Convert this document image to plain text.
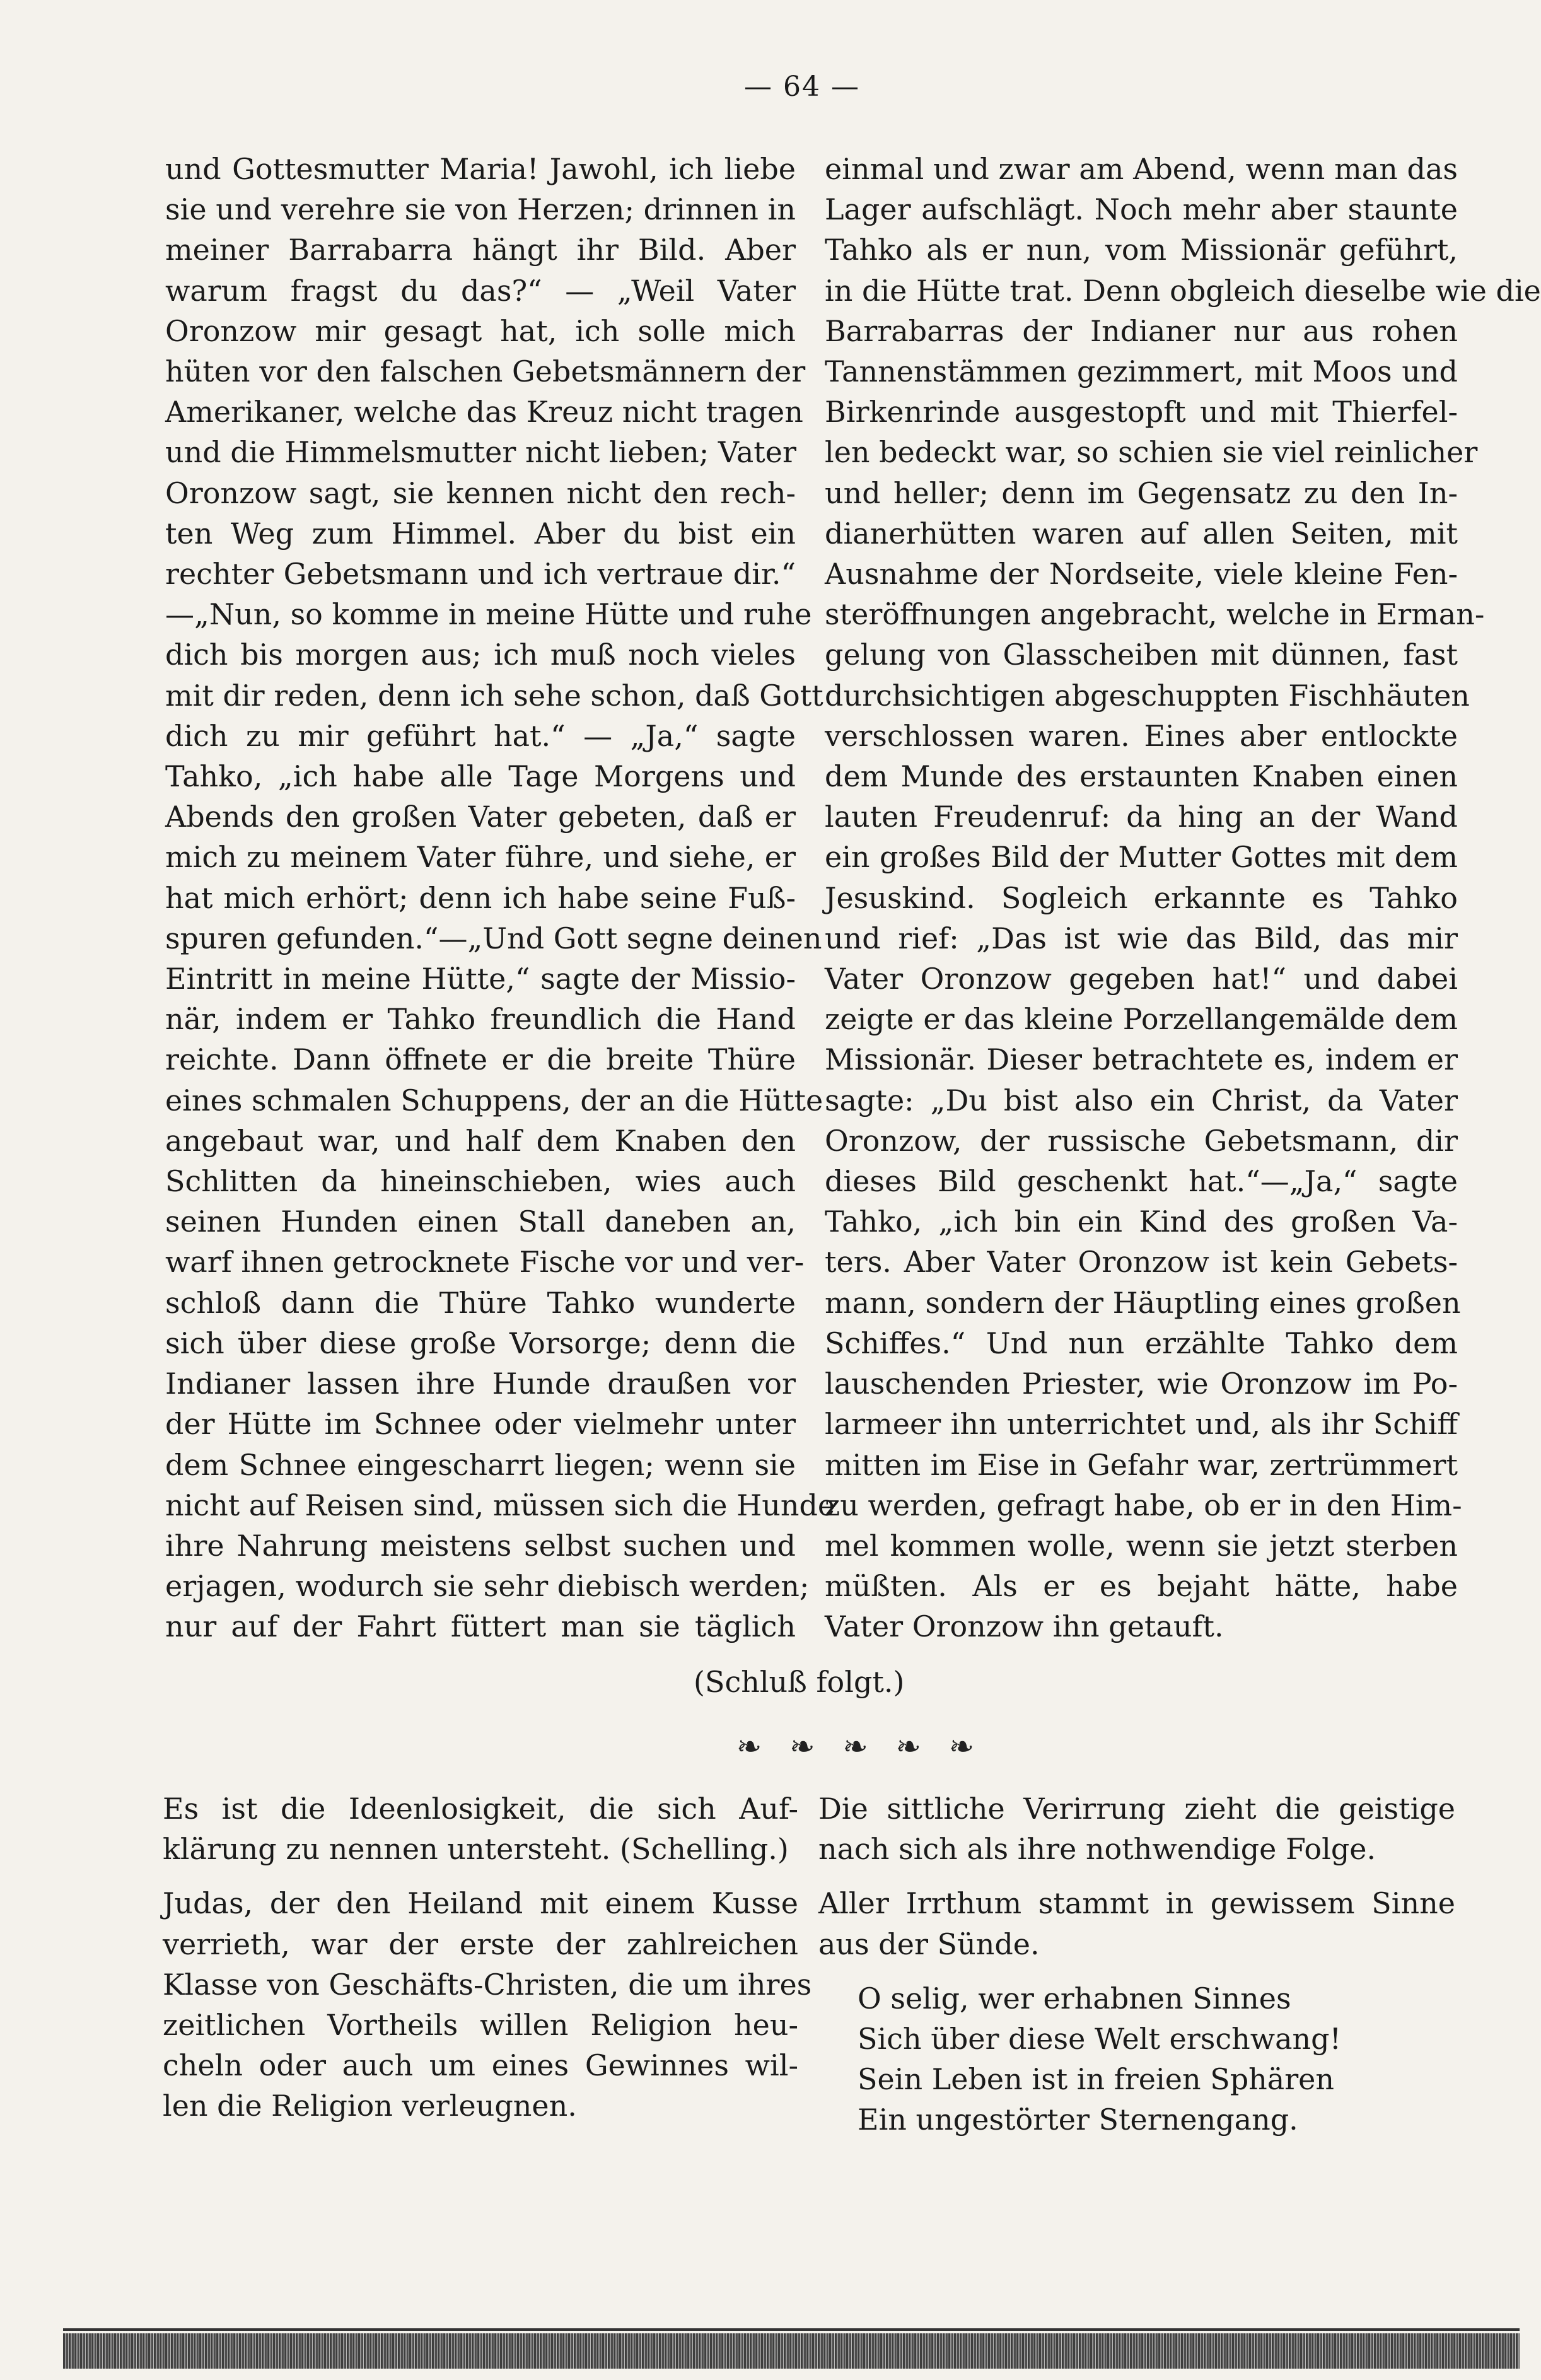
— 64 —
und Gottesmutter Maria! Jawohl, ich liebe
sie und verehre sie von Herzen; drinnen in
meiner Barrabarra hängt ihr Bild. Aber
warum fragst du das?“ — „Weil Vater
Oronzow mir gesagt hat, ich solle mich
hüten vor den falschen Gebetsmännern der
Amerikaner, welche das Kreuz nicht tragen
und die Himmelsmutter nicht lieben; Vater
Oronzow sagt, sie kennen nicht den rech-
ten Weg zum Himmel. Aber du bist ein
rechter Gebetsmann und ich vertraue dir.“
—„Nun, so komme in meine Hütte und ruhe
dich bis morgen aus; ich muß noch vieles
mit dir reden, denn ich sehe schon, daß Gott
dich zu mir geführt hat.“ — „Ja,“ sagte
Tahko, „ich habe alle Tage Morgens und
Abends den großen Vater gebeten, daß er
mich zu meinem Vater führe, und siehe, er
hat mich erhört; denn ich habe seine Fuß-
spuren gefunden.“—„Und Gott segne deinen
Eintritt in meine Hütte,“ sagte der Missio-
när, indem er Tahko freundlich die Hand
reichte. Dann öffnete er die breite Thüre
eines schmalen Schuppens, der an die Hütte
angebaut war, und half dem Knaben den
Schlitten da hineinschieben, wies auch
seinen Hunden einen Stall daneben an,
warf ihnen getrocknete Fische vor und ver-
schloß dann die Thüre Tahko wunderte
sich über diese große Vorsorge; denn die
Indianer lassen ihre Hunde draußen vor
der Hütte im Schnee oder vielmehr unter
dem Schnee eingescharrt liegen; wenn sie
nicht auf Reisen sind, müssen sich die Hunde
ihre Nahrung meistens selbst suchen und
erjagen, wodurch sie sehr diebisch werden;
nur auf der Fahrt füttert man sie täglich
einmal und zwar am Abend, wenn man das
Lager aufschlägt. Noch mehr aber staunte
Tahko als er nun, vom Missionär geführt,
in die Hütte trat. Denn obgleich dieselbe wie die
Barrabarras der Indianer nur aus rohen
Tannenstämmen gezimmert, mit Moos und
Birkenrinde ausgestopft und mit Thierfel-
len bedeckt war, so schien sie viel reinlicher
und heller; denn im Gegensatz zu den In-
dianerhütten waren auf allen Seiten, mit
Ausnahme der Nordseite, viele kleine Fen-
steröffnungen angebracht, welche in Erman-
gelung von Glasscheiben mit dünnen, fast
durchsichtigen abgeschuppten Fischhäuten
verschlossen waren. Eines aber entlockte
dem Munde des erstaunten Knaben einen
lauten Freudenruf: da hing an der Wand
ein großes Bild der Mutter Gottes mit dem
Jesuskind. Sogleich erkannte es Tahko
und rief: „Das ist wie das Bild, das mir
Vater Oronzow gegeben hat!“ und dabei
zeigte er das kleine Porzellangemälde dem
Missionär. Dieser betrachtete es, indem er
sagte: „Du bist also ein Christ, da Vater
Oronzow, der russische Gebetsmann, dir
dieses Bild geschenkt hat.“—„Ja,“ sagte
Tahko, „ich bin ein Kind des großen Va-
ters. Aber Vater Oronzow ist kein Gebets-
mann, sondern der Häuptling eines großen
Schiffes.“ Und nun erzählte Tahko dem
lauschenden Priester, wie Oronzow im Po-
larmeer ihn unterrichtet und, als ihr Schiff
mitten im Eise in Gefahr war, zertrümmert
zu werden, gefragt habe, ob er in den Him-
mel kommen wolle, wenn sie jetzt sterben
müßten. Als er es bejaht hätte, habe
Vater Oronzow ihn getauft.
(Schluß folgt.)
❧❧❧❧❧
Es ist die Ideenlosigkeit, die sich Auf-
klärung zu nennen untersteht. (Schelling.)
Judas, der den Heiland mit einem Kusse
verrieth, war der erste der zahlreichen
Klasse von Geschäfts-Christen, die um ihres
zeitlichen Vortheils willen Religion heu-
cheln oder auch um eines Gewinnes wil-
len die Religion verleugnen.
Die sittliche Verirrung zieht die geistige
nach sich als ihre nothwendige Folge.
Aller Irrthum stammt in gewissem Sinne
aus der Sünde.
O selig, wer erhabnen Sinnes
Sich über diese Welt erschwang!
Sein Leben ist in freien Sphären
Ein ungestörter Sternengang.
